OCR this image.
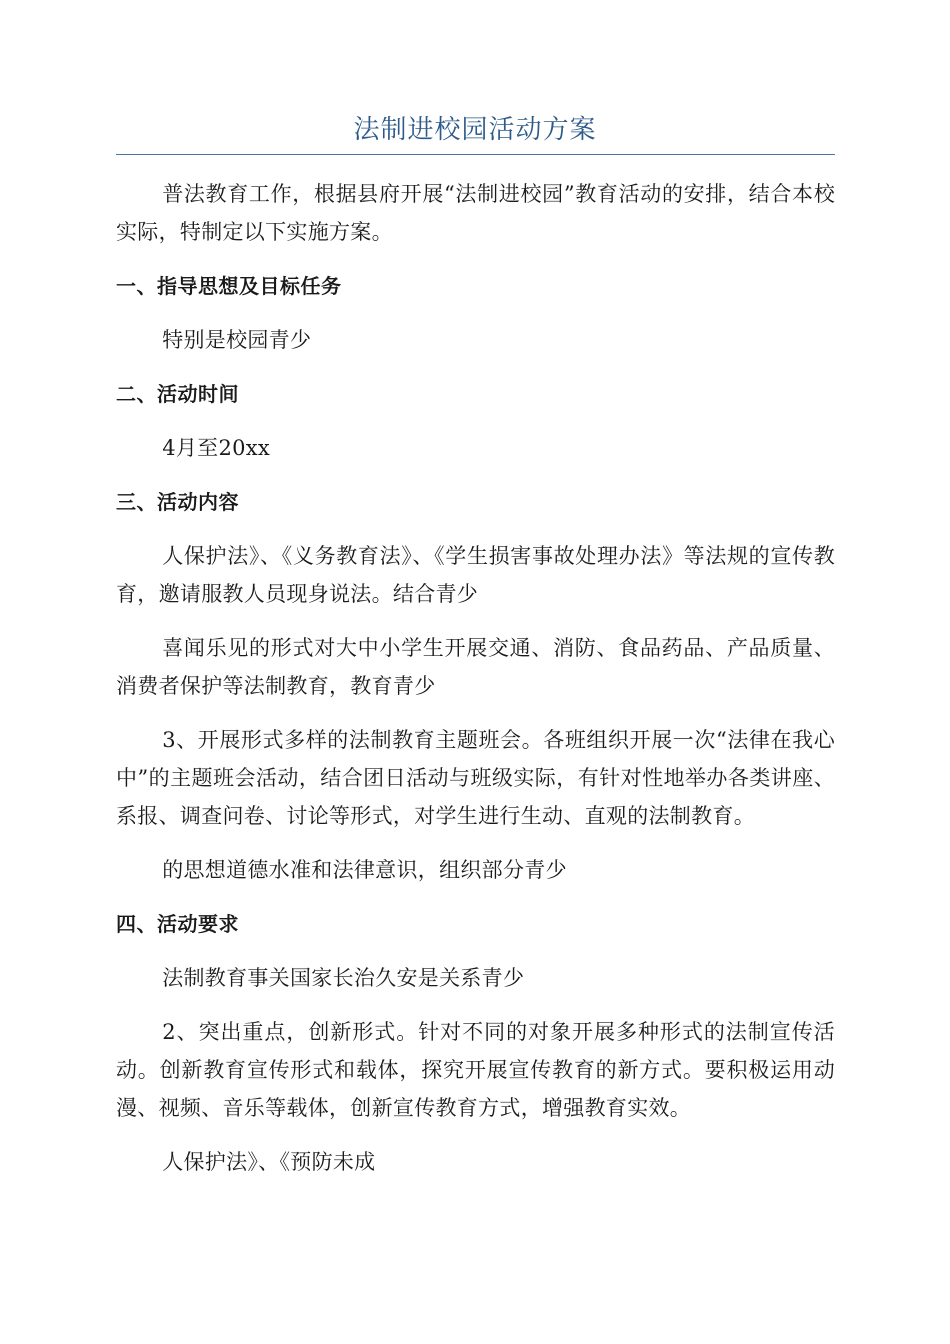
法制进校园活动方案

普法教育工作，根据县府开展“法制进校园”教育活动的安排，结合本校实际，特制定以下实施方案。

一、指导思想及目标任务

特别是校园青少

二、活动时间

4月至20xx

三、活动内容

人保护法》、《义务教育法》、《学生损害事故处理办法》等法规的宣传教育，邀请服教人员现身说法。结合青少

喜闻乐见的形式对大中小学生开展交通、消防、食品药品、产品质量、消费者保护等法制教育，教育青少

3、开展形式多样的法制教育主题班会。各班组织开展一次“法律在我心中”的主题班会活动，结合团日活动与班级实际，有针对性地举办各类讲座、系报、调查问卷、讨论等形式，对学生进行生动、直观的法制教育。

的思想道德水准和法律意识，组织部分青少

四、活动要求

法制教育事关国家长治久安是关系青少

2、突出重点，创新形式。针对不同的对象开展多种形式的法制宣传活动。创新教育宣传形式和载体，探究开展宣传教育的新方式。要积极运用动漫、视频、音乐等载体，创新宣传教育方式，增强教育实效。

人保护法》、《预防未成
